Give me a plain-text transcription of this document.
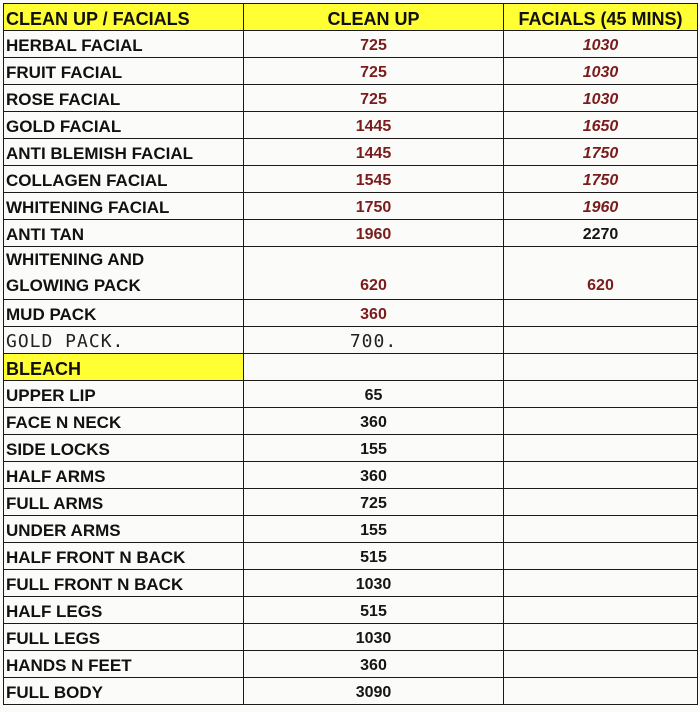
CLEAN UP / FACIALS	CLEAN UP	FACIALS (45 MINS)
HERBAL FACIAL	725	1030
FRUIT FACIAL	725	1030
ROSE FACIAL	725	1030
GOLD FACIAL	1445	1650
ANTI BLEMISH FACIAL	1445	1750
COLLAGEN FACIAL	1545	1750
WHITENING FACIAL	1750	1960
ANTI TAN	1960	2270

WHITENING AND
GLOWING PACK	620	620
MUD PACK	360	
GOLD PACK.	700.	
BLEACH		
UPPER LIP	65	
FACE N NECK	360	
SIDE LOCKS	155	
HALF ARMS	360	
FULL ARMS	725	
UNDER ARMS	155	
HALF FRONT N BACK	515	
FULL FRONT N BACK	1030	
HALF LEGS	515	
FULL LEGS	1030	
HANDS N FEET	360	
FULL BODY	3090	
